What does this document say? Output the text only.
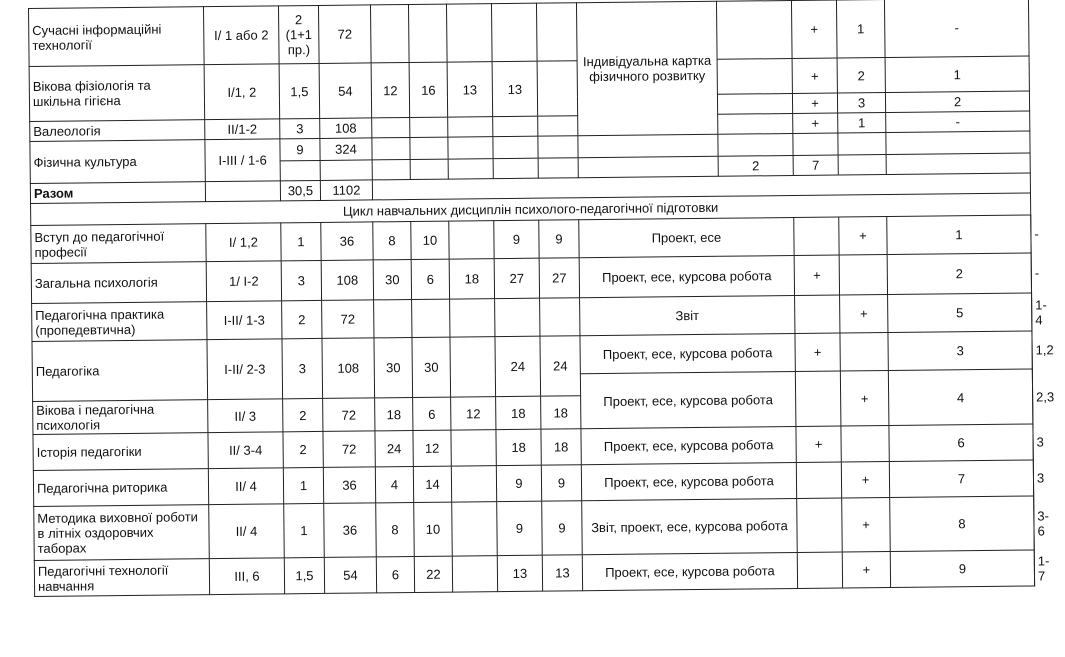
Сучасні інформаційні технології	І/ 1 або 2	2 (1+1 пр.)	72						Індивідуальна картка фізичного розвитку		+	1	-	
Вікова фізіологія та шкільна гігієна	І/1, 2	1,5	54	12	16	13	13				+	2	1	
											+	3	2	
Валеологія	ІІ/1-2	3	108								+	1	-	
Фізична культура	І-ІІІ / 1-6	9	324											
										2	7			
Разом		30,5	1102											
Цикл навчальних дисциплін психолого-педагогічної підготовки														
Вступ до педагогічної професії	І/ 1,2	1	36	8	10		9	9	Проект, есе			+	1	-
Загальна психологія	1/ І-2	3	108	30	6	18	27	27	Проект, есе, курсова робота		+		2	-
Педагогічна практика (пропедевтична)	І-ІІ/ 1-3	2	72						Звіт			+	5	1-4
Педагогіка	І-ІІ/ 2-3	3	108	30	30		24	24	Проект, есе, курсова робота		+		3	1,2
									Проект, есе, курсова робота			+	4	2,3
Вікова і педагогічна психологія	ІІ/ 3	2	72	18	6	12	18	18						
Історія педагогіки	ІІ/ 3-4	2	72	24	12		18	18	Проект, есе, курсова робота		+		6	3
Педагогічна риторика	ІІ/ 4	1	36	4	14		9	9	Проект, есе, курсова робота			+	7	3
Методика виховної роботи в літніх оздоровчих таборах	ІІ/ 4	1	36	8	10		9	9	Звіт, проект, есе, курсова робота			+	8	3-6
Педагогічні технології навчання	ІІІ, 6	1,5	54	6	22		13	13	Проект, есе, курсова робота			+	9	1-7
